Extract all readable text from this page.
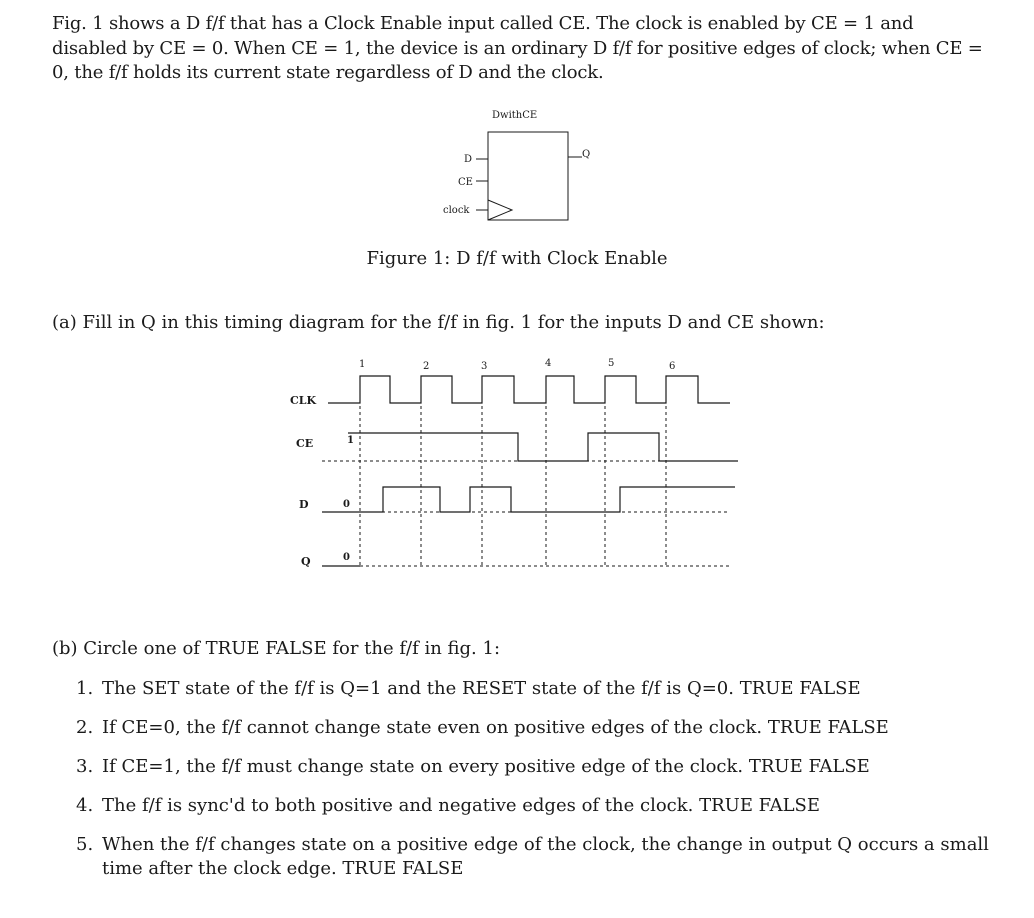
Fig. 1 shows a D f/f that has a Clock Enable input called CE. The clock is enabled by CE = 1 and disabled by CE = 0. When CE = 1, the device is an ordinary D f/f for positive edges of clock; when CE = 0, the f/f holds its current state regardless of D and the clock.

DwithCE
D
CE
clock
Q
Figure 1: D f/f with Clock Enable
(a) Fill in Q in this timing diagram for the f/f in fig. 1 for the inputs D and CE shown:
1	2	3	4	5	6
CLK
CE
D
Q
1
0
0
(b) Circle one of TRUE FALSE for the f/f in fig. 1:
1. The SET state of the f/f is Q=1 and the RESET state of the f/f is Q=0. TRUE FALSE
2. If CE=0, the f/f cannot change state even on positive edges of the clock. TRUE FALSE
3. If CE=1, the f/f must change state on every positive edge of the clock. TRUE FALSE
4. The f/f is sync'd to both positive and negative edges of the clock. TRUE FALSE
5. When the f/f changes state on a positive edge of the clock, the change in output Q occurs a small time after the clock edge. TRUE FALSE
